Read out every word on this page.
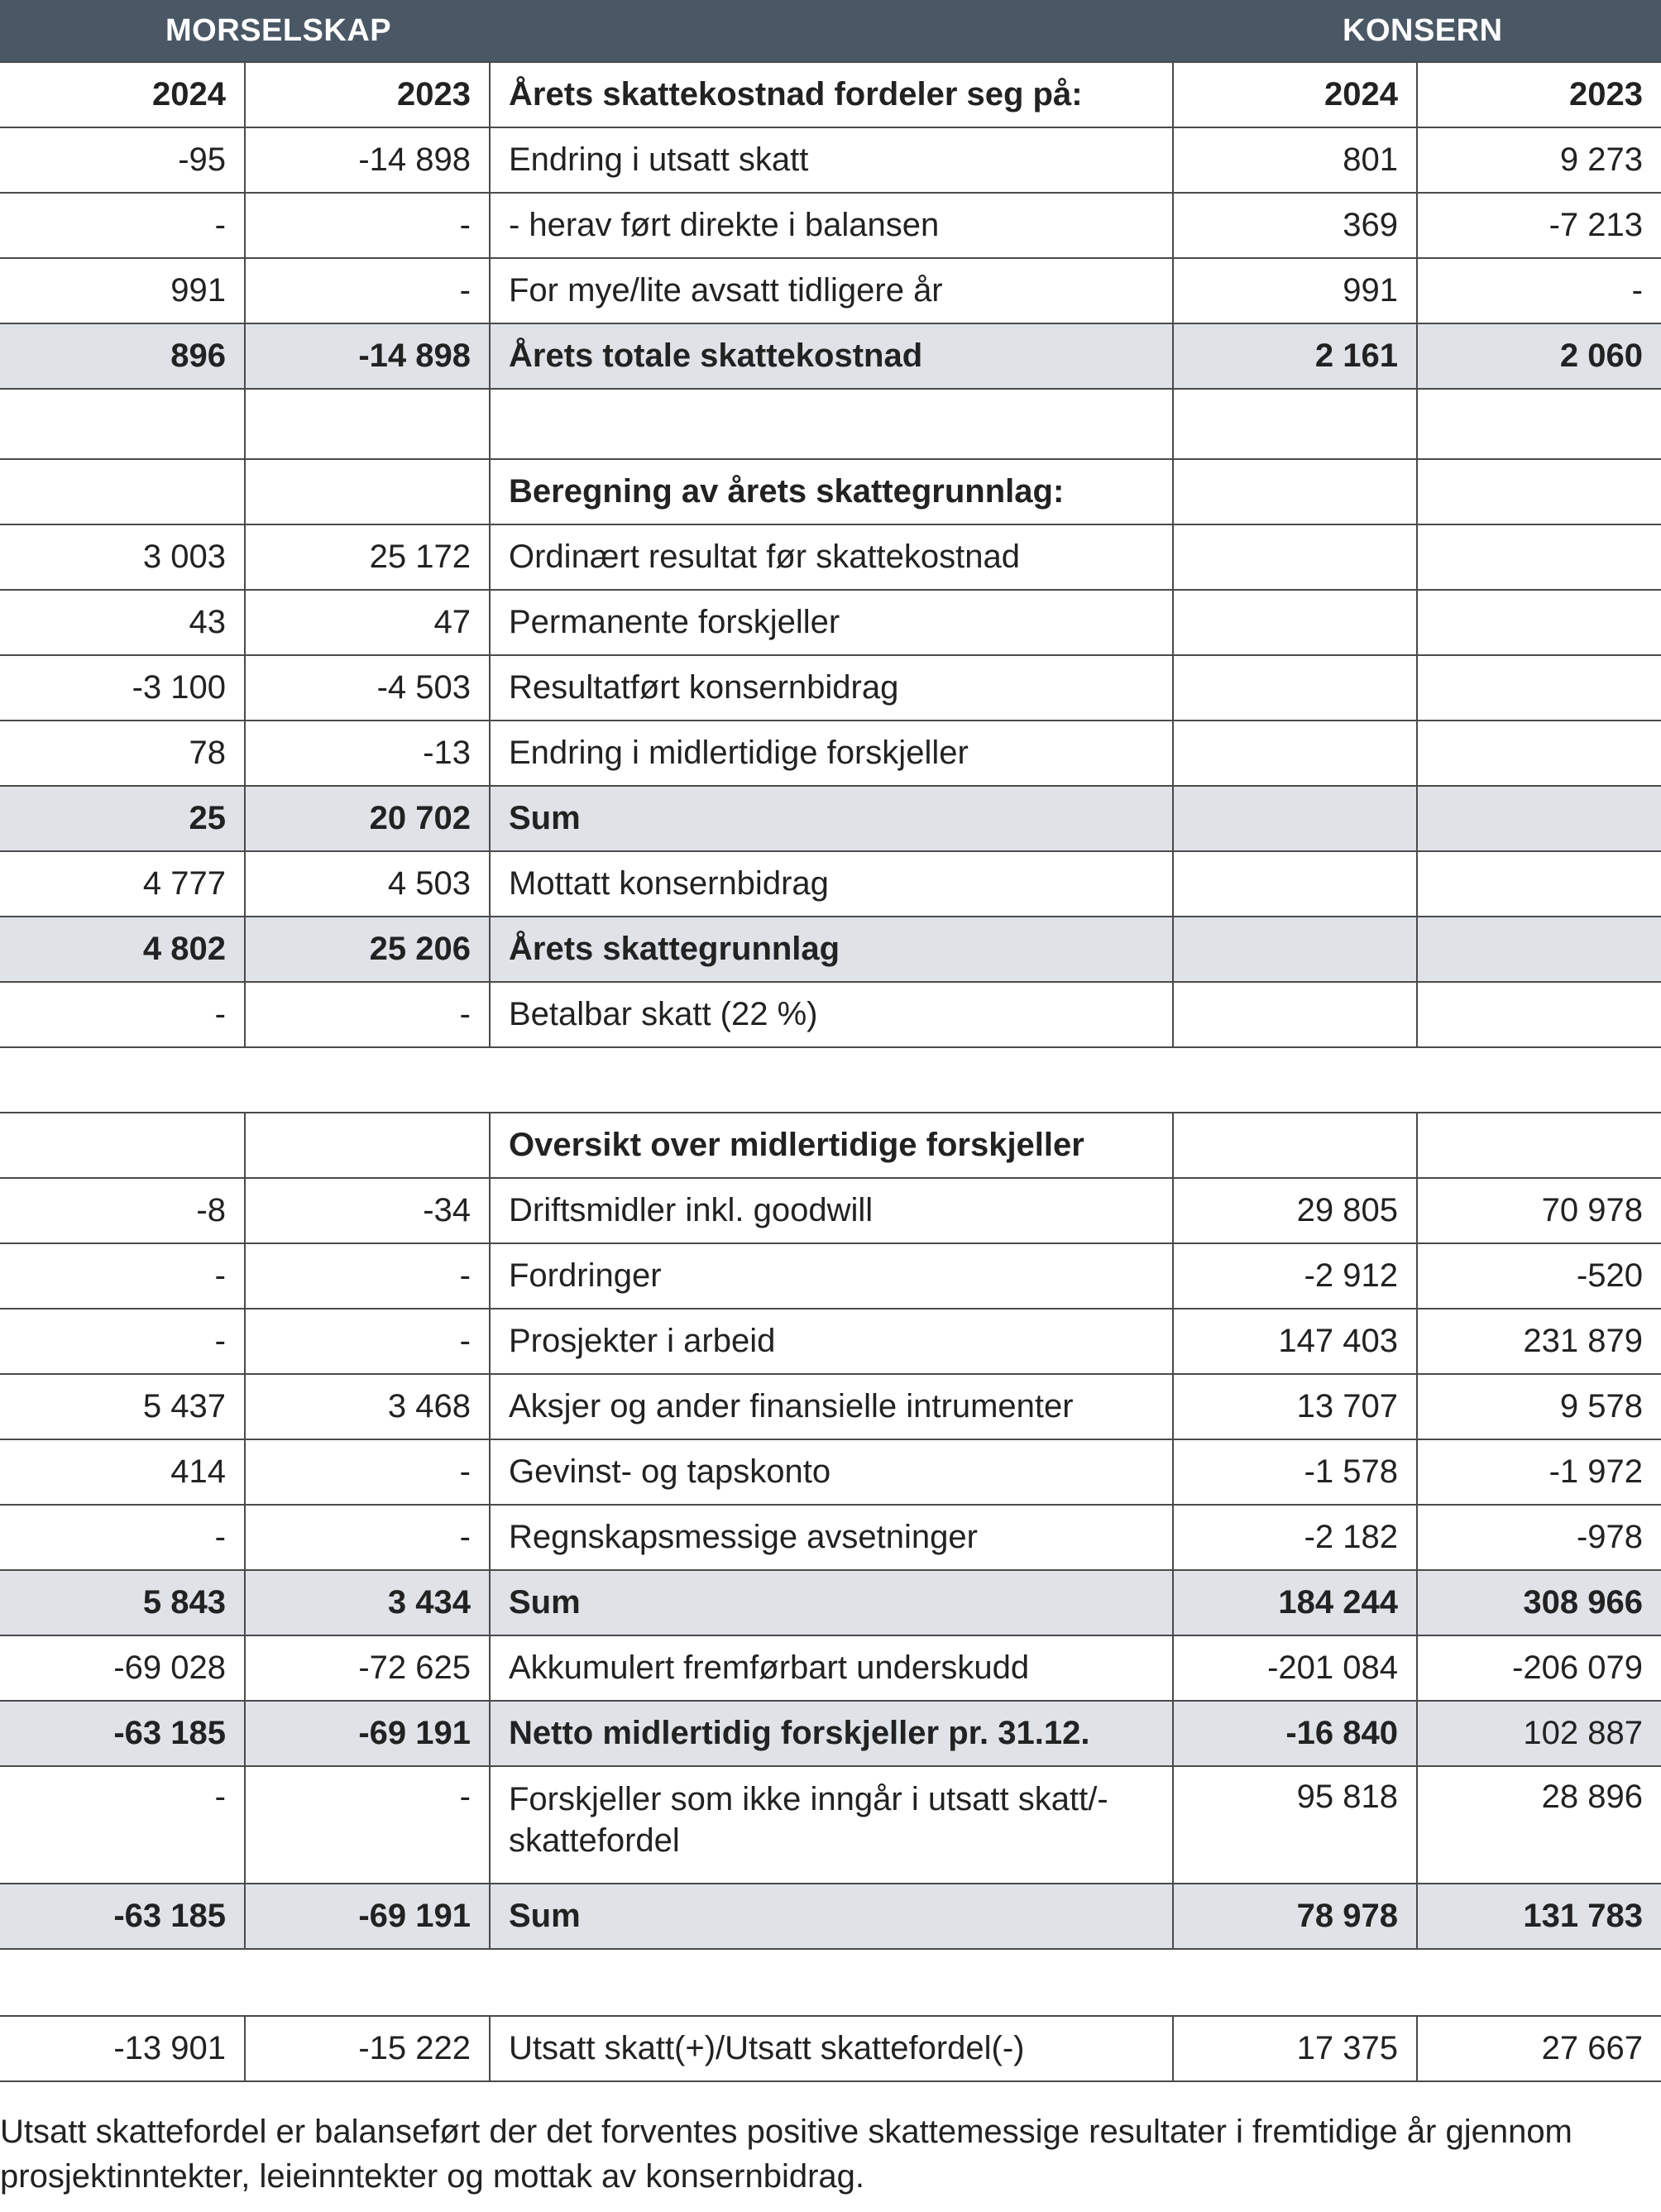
MORSELSKAP	KONSERN
2024	2023	Årets skattekostnad fordeler seg på:	2024	2023
-95	-14 898	Endring i utsatt skatt	801	9 273
-	-	- herav ført direkte i balansen	369	-7 213
991	-	For mye/lite avsatt tidligere år	991	-
896	-14 898	Årets totale skattekostnad	2 161	2 060

		Beregning av årets skattegrunnlag:		
3 003	25 172	Ordinært resultat før skattekostnad		
43	47	Permanente forskjeller		
-3 100	-4 503	Resultatført konsernbidrag		
78	-13	Endring i midlertidige forskjeller		
25	20 702	Sum		
4 777	4 503	Mottatt konsernbidrag		
4 802	25 206	Årets skattegrunnlag		
-	-	Betalbar skatt (22 %)		

		Oversikt over midlertidige forskjeller		
-8	-34	Driftsmidler inkl. goodwill	29 805	70 978
-	-	Fordringer	-2 912	-520
-	-	Prosjekter i arbeid	147 403	231 879
5 437	3 468	Aksjer og ander finansielle intrumenter	13 707	9 578
414	-	Gevinst- og tapskonto	-1 578	-1 972
-	-	Regnskapsmessige avsetninger	-2 182	-978
5 843	3 434	Sum	184 244	308 966
-69 028	-72 625	Akkumulert fremførbart underskudd	-201 084	-206 079
-63 185	-69 191	Netto midlertidig forskjeller pr. 31.12.	-16 840	102 887
-	-	Forskjeller som ikke inngår i utsatt skatt/-skattefordel	95 818	28 896
-63 185	-69 191	Sum	78 978	131 783

-13 901	-15 222	Utsatt skatt(+)/Utsatt skattefordel(-)	17 375	27 667
Utsatt skattefordel er balanseført der det forventes positive skattemessige resultater i fremtidige år gjennom prosjektinntekter, leieinntekter og mottak av konsernbidrag.
